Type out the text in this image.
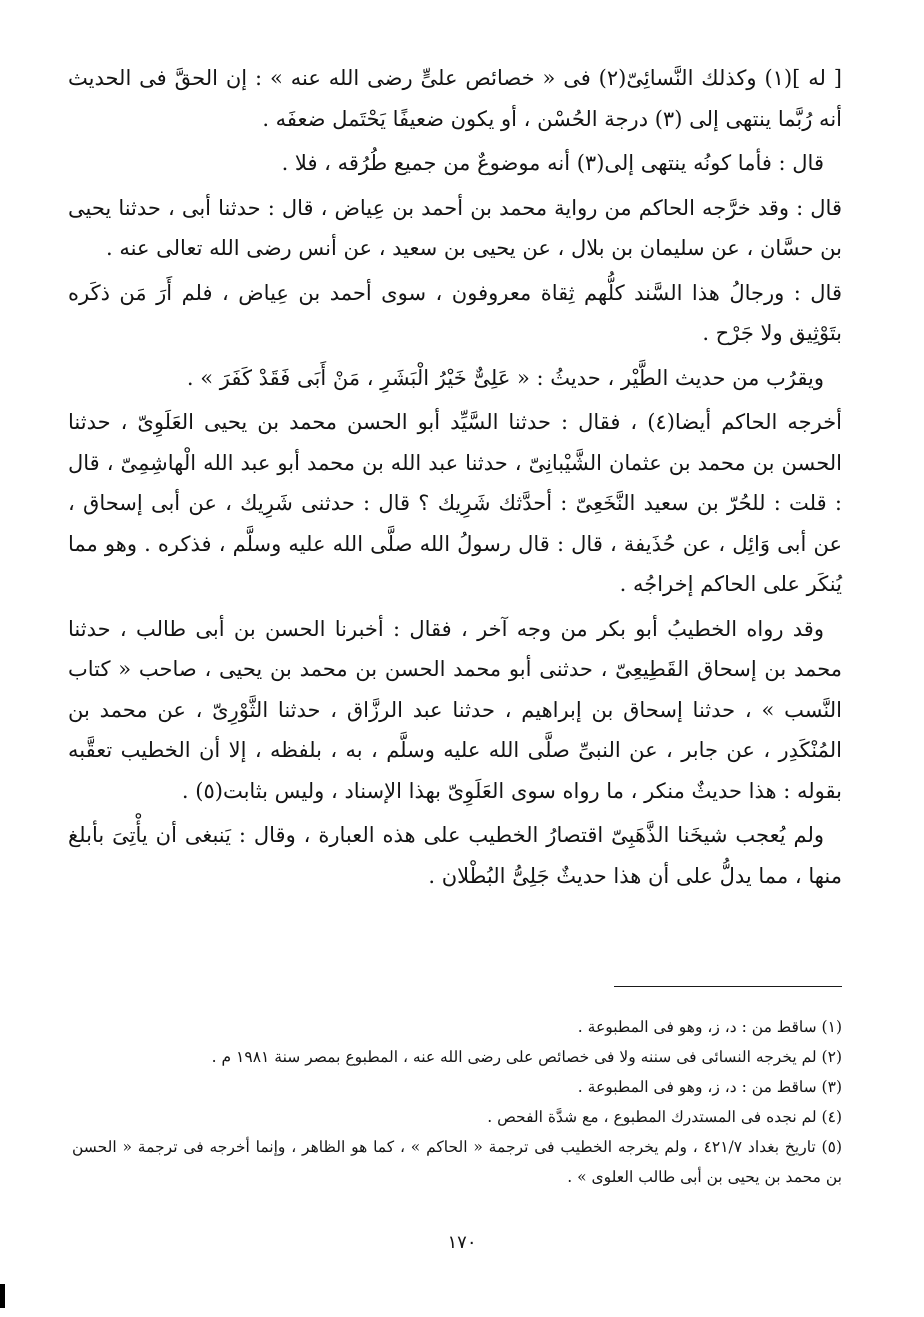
[ له ](١) وكذلك النَّسائِىّ(٢) فى « خصائص علىٍّ رضى الله عنه » : إن الحقَّ فى الحديث أنه رُبَّما ينتهى إلى (٣) درجة الحُسْن ، أو يكون ضعيفًا يَحْتَمل ضعفَه .

قال : فأما كونُه ينتهى إلى(٣) أنه موضوعٌ من جميع طُرُقه ، فلا .

قال : وقد خرَّجه الحاكم من رواية محمد بن أحمد بن عِياض ، قال : حدثنا أبى ، حدثنا يحيى بن حسَّان ، عن سليمان بن بلال ، عن يحيى بن سعيد ، عن أنس رضى الله تعالى عنه .

قال : ورجالُ هذا السَّند كلُّهم ثِقاة معروفون ، سوى أحمد بن عِياض ، فلم أَرَ مَن ذكَره بتَوْثِيق ولا جَرْح .

ويقرُب من حديث الطَّيْر ، حديثُ : « عَلِىٌّ خَيْرُ الْبَشَرِ ، مَنْ أَبَى فَقَدْ كَفَرَ » .

أخرجه الحاكم أيضا(٤) ، فقال : حدثنا السَّيِّد أبو الحسن محمد بن يحيى العَلَوِىّ ، حدثنا الحسن بن محمد بن عثمان الشَّيْبانِىّ ، حدثنا عبد الله بن محمد أبو عبد الله الْهاشِمِىّ ، قال : قلت : للحُرّ بن سعيد النَّخَعِىّ : أحدَّثك شَرِيك ؟ قال : حدثنى شَرِيك ، عن أبى إسحاق ، عن أبى وَائِل ، عن حُذَيفة ، قال : قال رسولُ الله صلَّى الله عليه وسلَّم ، فذكره . وهو مما يُنكَر على الحاكم إخراجُه .

وقد رواه الخطيبُ أبو بكر من وجه آخر ، فقال : أخبرنا الحسن بن أبى طالب ، حدثنا محمد بن إسحاق القَطِيعِىّ ، حدثنى أبو محمد الحسن بن محمد بن يحيى ، صاحب « كتاب النَّسب » ، حدثنا إسحاق بن إبراهيم ، حدثنا عبد الرزَّاق ، حدثنا الثَّوْرِىّ ، عن محمد بن المُنْكَدِر ، عن جابر ، عن النبىِّ صلَّى الله عليه وسلَّم ، به ، بلفظه ، إلا أن الخطيب تعقَّبه بقوله : هذا حديثٌ منكر ، ما رواه سوى العَلَوِىّ بهذا الإسناد ، وليس بثابت(٥) .

ولم يُعجب شيخَنا الذَّهَبِىّ اقتصارُ الخطيب على هذه العبارة ، وقال : يَنبغى أن يأْتِىَ بأبلغ منها ، مما يدلُّ على أن هذا حديثٌ جَلِىُّ البُطْلان .

(١) ساقط من : د، ز، وهو فى المطبوعة .

(٢) لم يخرجه النسائى فى سننه ولا فى خصائص على رضى الله عنه ، المطبوع بمصر سنة ١٩٨١ م .

(٣) ساقط من : د، ز، وهو فى المطبوعة .

(٤) لم نجده فى المستدرك المطبوع ، مع شدَّة الفحص .

(٥) تاريخ بغداد ٤٢١/٧ ، ولم يخرجه الخطيب فى ترجمة « الحاكم » ، كما هو الظاهر ، وإنما أخرجه فى ترجمة « الحسن بن محمد بن يحيى بن أبى طالب العلوى » .

١٧٠
